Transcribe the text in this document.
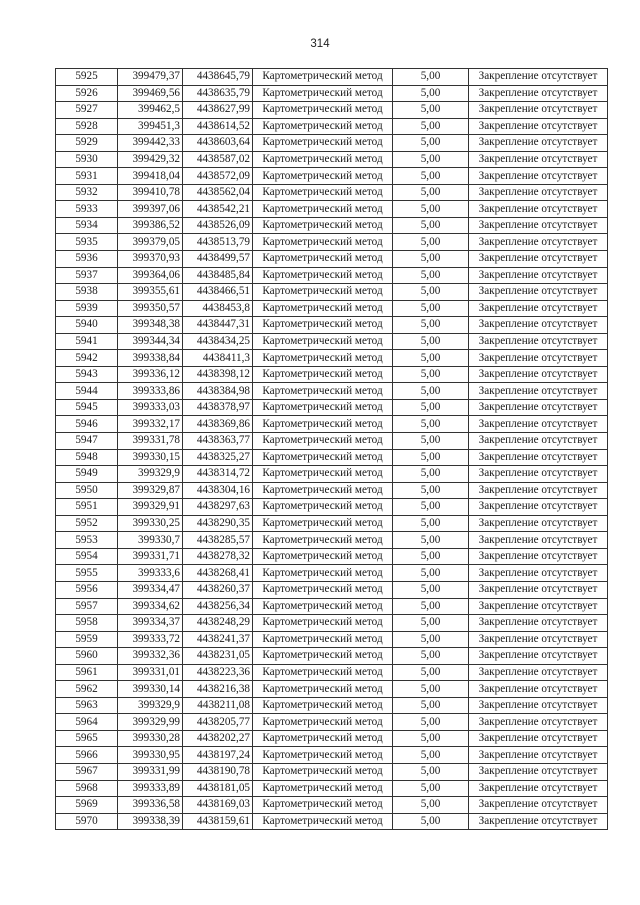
314
5925	399479,37	4438645,79	Картометрический метод	5,00	Закрепление отсутствует
5926	399469,56	4438635,79	Картометрический метод	5,00	Закрепление отсутствует
5927	399462,5	4438627,99	Картометрический метод	5,00	Закрепление отсутствует
5928	399451,3	4438614,52	Картометрический метод	5,00	Закрепление отсутствует
5929	399442,33	4438603,64	Картометрический метод	5,00	Закрепление отсутствует
5930	399429,32	4438587,02	Картометрический метод	5,00	Закрепление отсутствует
5931	399418,04	4438572,09	Картометрический метод	5,00	Закрепление отсутствует
5932	399410,78	4438562,04	Картометрический метод	5,00	Закрепление отсутствует
5933	399397,06	4438542,21	Картометрический метод	5,00	Закрепление отсутствует
5934	399386,52	4438526,09	Картометрический метод	5,00	Закрепление отсутствует
5935	399379,05	4438513,79	Картометрический метод	5,00	Закрепление отсутствует
5936	399370,93	4438499,57	Картометрический метод	5,00	Закрепление отсутствует
5937	399364,06	4438485,84	Картометрический метод	5,00	Закрепление отсутствует
5938	399355,61	4438466,51	Картометрический метод	5,00	Закрепление отсутствует
5939	399350,57	4438453,8	Картометрический метод	5,00	Закрепление отсутствует
5940	399348,38	4438447,31	Картометрический метод	5,00	Закрепление отсутствует
5941	399344,34	4438434,25	Картометрический метод	5,00	Закрепление отсутствует
5942	399338,84	4438411,3	Картометрический метод	5,00	Закрепление отсутствует
5943	399336,12	4438398,12	Картометрический метод	5,00	Закрепление отсутствует
5944	399333,86	4438384,98	Картометрический метод	5,00	Закрепление отсутствует
5945	399333,03	4438378,97	Картометрический метод	5,00	Закрепление отсутствует
5946	399332,17	4438369,86	Картометрический метод	5,00	Закрепление отсутствует
5947	399331,78	4438363,77	Картометрический метод	5,00	Закрепление отсутствует
5948	399330,15	4438325,27	Картометрический метод	5,00	Закрепление отсутствует
5949	399329,9	4438314,72	Картометрический метод	5,00	Закрепление отсутствует
5950	399329,87	4438304,16	Картометрический метод	5,00	Закрепление отсутствует
5951	399329,91	4438297,63	Картометрический метод	5,00	Закрепление отсутствует
5952	399330,25	4438290,35	Картометрический метод	5,00	Закрепление отсутствует
5953	399330,7	4438285,57	Картометрический метод	5,00	Закрепление отсутствует
5954	399331,71	4438278,32	Картометрический метод	5,00	Закрепление отсутствует
5955	399333,6	4438268,41	Картометрический метод	5,00	Закрепление отсутствует
5956	399334,47	4438260,37	Картометрический метод	5,00	Закрепление отсутствует
5957	399334,62	4438256,34	Картометрический метод	5,00	Закрепление отсутствует
5958	399334,37	4438248,29	Картометрический метод	5,00	Закрепление отсутствует
5959	399333,72	4438241,37	Картометрический метод	5,00	Закрепление отсутствует
5960	399332,36	4438231,05	Картометрический метод	5,00	Закрепление отсутствует
5961	399331,01	4438223,36	Картометрический метод	5,00	Закрепление отсутствует
5962	399330,14	4438216,38	Картометрический метод	5,00	Закрепление отсутствует
5963	399329,9	4438211,08	Картометрический метод	5,00	Закрепление отсутствует
5964	399329,99	4438205,77	Картометрический метод	5,00	Закрепление отсутствует
5965	399330,28	4438202,27	Картометрический метод	5,00	Закрепление отсутствует
5966	399330,95	4438197,24	Картометрический метод	5,00	Закрепление отсутствует
5967	399331,99	4438190,78	Картометрический метод	5,00	Закрепление отсутствует
5968	399333,89	4438181,05	Картометрический метод	5,00	Закрепление отсутствует
5969	399336,58	4438169,03	Картометрический метод	5,00	Закрепление отсутствует
5970	399338,39	4438159,61	Картометрический метод	5,00	Закрепление отсутствует
